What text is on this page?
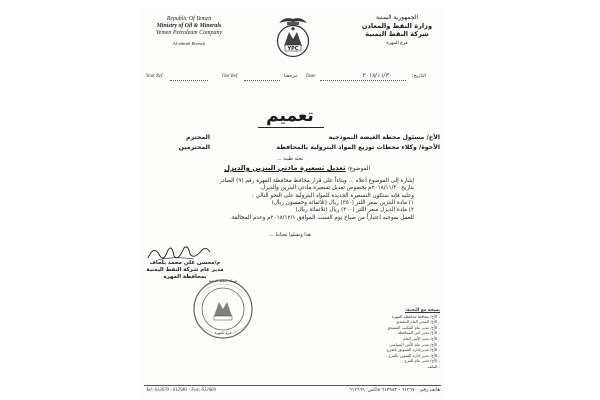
Republic Of Yemen
Ministry of Oil & Minerals
Yemen Petroleum Company
Al-mhrah Branch
YPC
الجمهورية اليمنية
وزارة النفط والمعادن
شركة النفط اليمنية
فرع المهرة
Your Ref.	Our Ref.	Date	٢٠١٨/١١/٣٠	التاريخ:
مرجعنا
تعميم
الأخ/ مسئول محطة الغيضة النموذجية
المحترم
الأخوة/ وكلاء محطات توزيع المواد البترولية بالمحافظة
المحترمين
تحية طيبة ...
الموضوع/ تعديل تسعيرة مادتي البنزين والديزل
إشارة إلى الموضوع أعلاه ... وبناءاً على قرار محافظ محافظة المهرة رقم (٩) الصادر
بتاريخ ٢٠١٨/١١/٣٠م بخصوص تعديل تسعيرة مادتي البنزين والديزل.
وعليه فإنه ستكون التسعيرة الجديدة للمواد البترولية على النحو التالي :
١) مادة البنزين سعر اللتر (٣٥٠) ريال (ثلاثمائة وخمسون ريال)
٢) مادة الديزل سعر اللتر (٣٠٠) ريال (ثلاثمائة ريال)
للعمل بموجبه اعتباراً من صباح يوم السبت الموافق ٢٠١٨/١٢/١م وعدم المخالفة.
هذا وتقبلوا تحياتنا ...
م/محسن علي محمد بلحاف
مدير عام شركة النفط اليمنية
بمحافظة المهرة
شركة النفط اليمنية
فرع المهرة
نسخة مع التحية:
- الأخ/ محافظ محافظة المهرة
- الأخ/ المدير العام التنفيذي
- الأخ/ مدير عام المكتب التنفيذي
- الأخ/ مدير أمن المحافظة
- الأخ/ مدير الأمن العام
- الأخ/ مدير عام الأمن السياسي
- الأخ/ مدير إدارة التسويق بالفرع
- الأخ/ مدير إدارة التموين بالفرع
- الأخ/ مدير عام الفرع
- الملف
Tel: 612670 - 612983 - Fax: 612669	هاتف رقم: ٦١٢٦٧٠ - ٦١٢٩٨٣ فاكس: ٦١٢٦٦٩
